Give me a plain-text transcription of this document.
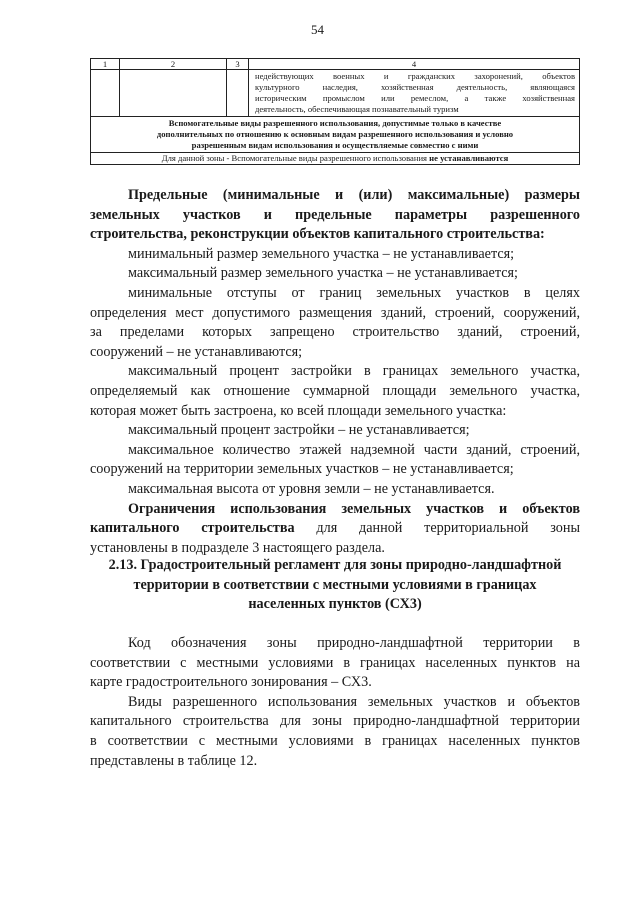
54
1	2	3	4

			недействующих военных и гражданских захоронений, объектов
культурного наследия, хозяйственная деятельность, являющаяся
историческим промыслом или ремеслом, а также хозяйственная
деятельность, обеспечивающая познавательный туризм

Вспомогательные виды разрешенного использования, допустимые только в качестве
дополнительных по отношению к основным видам разрешенного использования и условно
разрешенным видам использования и осуществляемые совместно с ними			

Для данной зоны - Вспомогательные виды разрешенного использования не устанавливаются			
Предельные (минимальные и (или) максимальные) размеры
земельных участков и предельные параметры разрешенного
строительства, реконструкции объектов капитального строительства:
минимальный размер земельного участка – не устанавливается;
максимальный размер земельного участка – не устанавливается;
минимальные отступы от границ земельных участков в целях
определения мест допустимого размещения зданий, строений, сооружений,
за пределами которых запрещено строительство зданий, строений,
сооружений – не устанавливаются;
максимальный процент застройки в границах земельного участка,
определяемый как отношение суммарной площади земельного участка,
которая может быть застроена, ко всей площади земельного участка:
максимальный процент застройки – не устанавливается;
максимальное количество этажей надземной части зданий, строений,
сооружений на территории земельных участков – не устанавливается;
максимальная высота от уровня земли – не устанавливается.
Ограничения использования земельных участков и объектов
капитального строительства для данной территориальной зоны
установлены в подразделе 3 настоящего раздела.
2.13. Градостроительный регламент для зоны природно-ландшафтной
территории в соответствии с местными условиями в границах
населенных пунктов (СХ3)
Код обозначения зоны природно-ландшафтной территории в
соответствии с местными условиями в границах населенных пунктов на
карте градостроительного зонирования – СХ3.
Виды разрешенного использования земельных участков и объектов
капитального строительства для зоны природно-ландшафтной территории
в соответствии с местными условиями в границах населенных пунктов
представлены в таблице 12.
